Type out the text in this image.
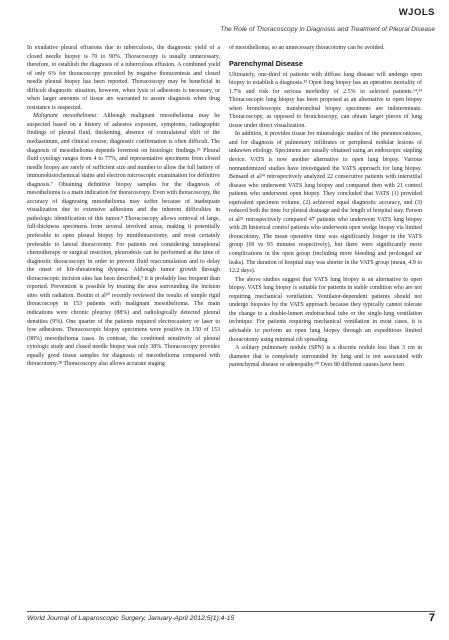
WJOLS
The Role of Thoracoscopy in Diagnosis and Treatment of Pleural Disease

In exudative pleural effusions due to tuberculosis, the diagnostic yield of a closed needle biopsy is 70 to 90%. Thoracoscopy is usually unnecessary, therefore, to establish the diagnosis of a tuberculous effusion. A combined yield of only 6% for thoracoscopy preceded by negative thoracentesis and closed needle pleural biopsy has been reported. Thoracoscopy may be beneficial in difficult diagnostic situation, however, when lysis of adhesions is necessary, or when larger amounts of tissue are warranted to assure diagnosis when drug resistance is suspected.

Malignant mesothelioma: Although malignant mesothelioma may be suspected based on a history of asbestos exposure, symptoms, radiographic findings of pleural fluid, thickening, absence of contralateral shift of the mediastinum, and clinical course; diagnostic confirmation is often difficult. The diagnosis of mesothelioma depends foremost on histologic findings.²⁶ Pleural fluid cytology ranges from 4 to 77%, and representative specimens from closed needle biopsy are rarely of sufficient size and number to allow the full battery of immunohistochemical stains and electron microscopic examination for definitive diagnosis.⁷ Obtaining definitive biopsy samples for the diagnosis of mesothelioma is a main indication for thoracoscopy. Even with thoracoscopy, the accuracy of diagnosing mesothelioma may suffer because of inadequate visualization due to extensive adhesions and the inherent difficulties in pathologic identification of this tumor.⁹ Thoracoscopy allows removal of large, full-thickness specimens from several involved areas, making it potentially preferable to open pleural biopsy by minithoracotomy, and most certainly preferable to lateral thoracotomy. For patients not considering intrapleural chemotherapy or surgical resection, pleurodesis can be performed at the time of diagnostic thoracoscopy in order to prevent fluid reaccumulation and to delay the onset of life-threatening dyspnea. Although tumor growth through thoracoscopic incision sites has been described,⁹ it is probably less frequent than reported. Prevention is possible by treating the area surrounding the incision sites with radiation. Boutin et al³⁰ recently reviewed the results of simple rigid thoracoscopy in 153 patients with malignant mesothelioma. The main indications were chronic pleurisy (88%) and radiologically detected pleural densities (9%). One quarter of the patients required electrocautery or laser to lyse adhesions. Thoracoscopic biopsy specimens were positive in 150 of 153 (98%) mesothelioma cases. In contrast, the combined sensitivity of pleural cytologic study and closed needle biopsy was only 38%. Thoracoscopy provides equally good tissue samples for diagnosis of mesothelioma compared with thoracotomy.²⁸ Thoracoscopy also allows accurate staging

of mesothelioma, so an unnecessary thoracotomy can be avoided.

Parenchymal Disease

Ultimately, one-third of patients with diffuse lung disease will undergo open biopsy to establish a diagnosis.³² Open lung biopsy has an operative mortality of 1.7% and risk for serious morbidity of 2.5% in selected patients.¹⁴,³³ Thoracoscopic lung biopsy has been proposed as an alternative to open biopsy when bronchoscopic transbronchial biopsy specimens are indeterminate. Thoracoscopy, as opposed to bronchoscopy, can obtain larger pieces of lung tissue under direct visualization.

In addition, it provides tissue for mineralogic studies of the pneumoconioses, and for diagnosis of pulmonary infiltrates or peripheral nodular lesions of unknown etiology. Specimens are usually obtained using an endoscopic stapling device. VATS is now another alternative to open lung biopsy. Various nonrandomized studies have investigated the VATS approach for lung biopsy. Bensard et al³⁴ retrospectively analyzed 22 consecutive patients with interstitial disease who underwent VATS lung biopsy and compared then with 21 control patients who underwent open biopsy. They concluded that VATS (1) provided equivalent specimen volume, (2) achieved equal diagnostic accuracy, and (3) reduced both the time for pleural drainage and the length of hospital stay. Ferson et al³⁵ retrospectively compared 47 patients who underwent VATS lung biopsy with 28 historical control patients who underwent open wedge biopsy via limited thoracotomy. The mean operative time was significantly longer in the VATS group (69 vs 93 minutes respectively), but there were significantly more complications in the open group (including more bleeding and prolonged air leaks). The duration of hospital stay was shorter in the VATS group (mean, 4.9 to 12.2 days).

The above studies suggest that VATS lung biopsy is an alternative to open biopsy. VATS lung biopsy is suitable for patients in stable condition who are not requiring mechanical ventilation. Ventilator-dependent patients should not undergo biopsies by the VATS approach because they typically cannot tolerate the change to a double-lumen endotracheal tube or the single-lung ventilation technique. For patients requiring mechanical ventilation in most cases, it is advisable to perform an open lung biopsy through an expeditious limited thoracotomy using minimal rib spreading.

A solitary pulmonary nodule (SPN) is a discrete nodule less than 3 cm in diameter that is completely surrounded by lung and is not associated with parenchymal disease or adenopathy.⁴⁰ Over 80 different causes have been

World Journal of Laparoscopic Surgery, January-April 2012;5(1):4-15	7
